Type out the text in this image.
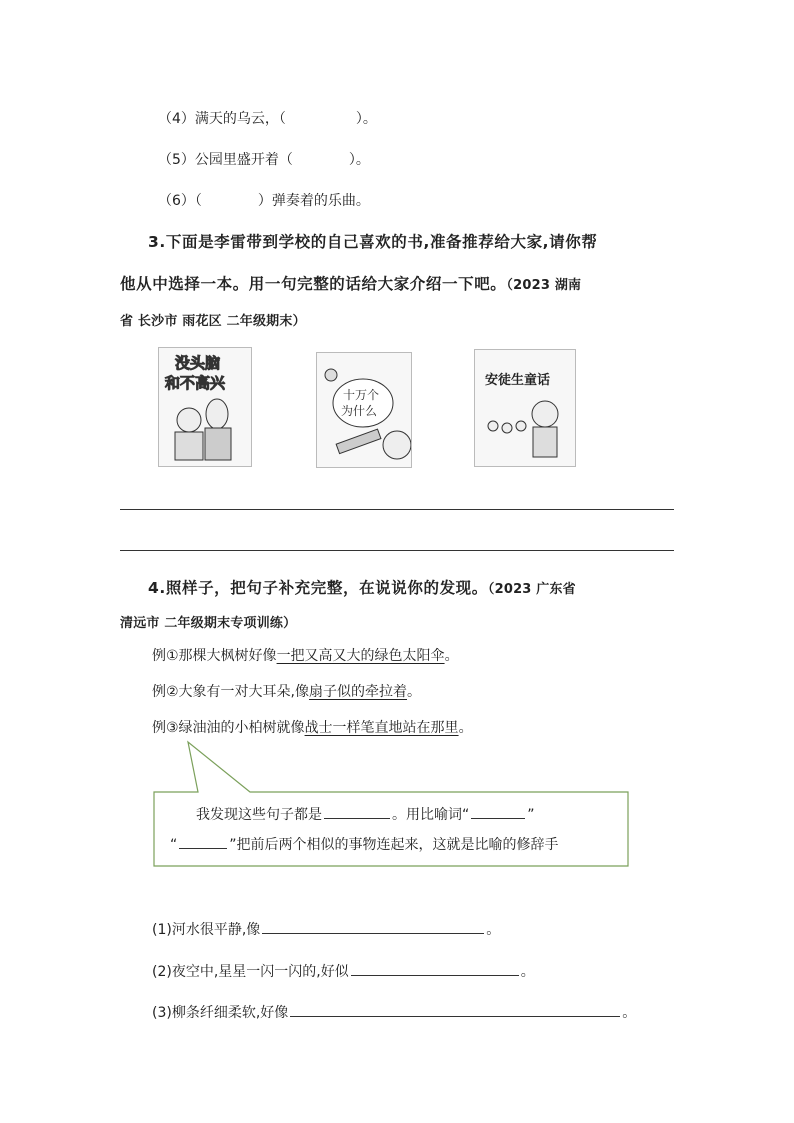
（4）满天的乌云，（　　　　　）。
（5）公园里盛开着（　　　　）。
（6）（　　　　）弹奏着的乐曲。
3.下面是李雷带到学校的自己喜欢的书,准备推荐给大家,请你帮
他从中选择一本。用一句完整的话给大家介绍一下吧。（2023 湖南
省 长沙市 雨花区 二年级期末）
没头脑
和不高兴
十万个
为什么
安徒生童话
4.照样子，把句子补充完整，在说说你的发现。（2023 广东省
清远市 二年级期末专项训练）
例①那棵大枫树好像一把又高又大的绿色太阳伞。
例②大象有一对大耳朵,像扇子似的牵拉着。
例③绿油油的小柏树就像战士一样笔直地站在那里。
我发现这些句子都是	。用比喻词“	”
“	”把前后两个相似的事物连起来，这就是比喻的修辞手
(1)河水很平静,像	。
(2)夜空中,星星一闪一闪的,好似	。
(3)柳条纤细柔软,好像	。
